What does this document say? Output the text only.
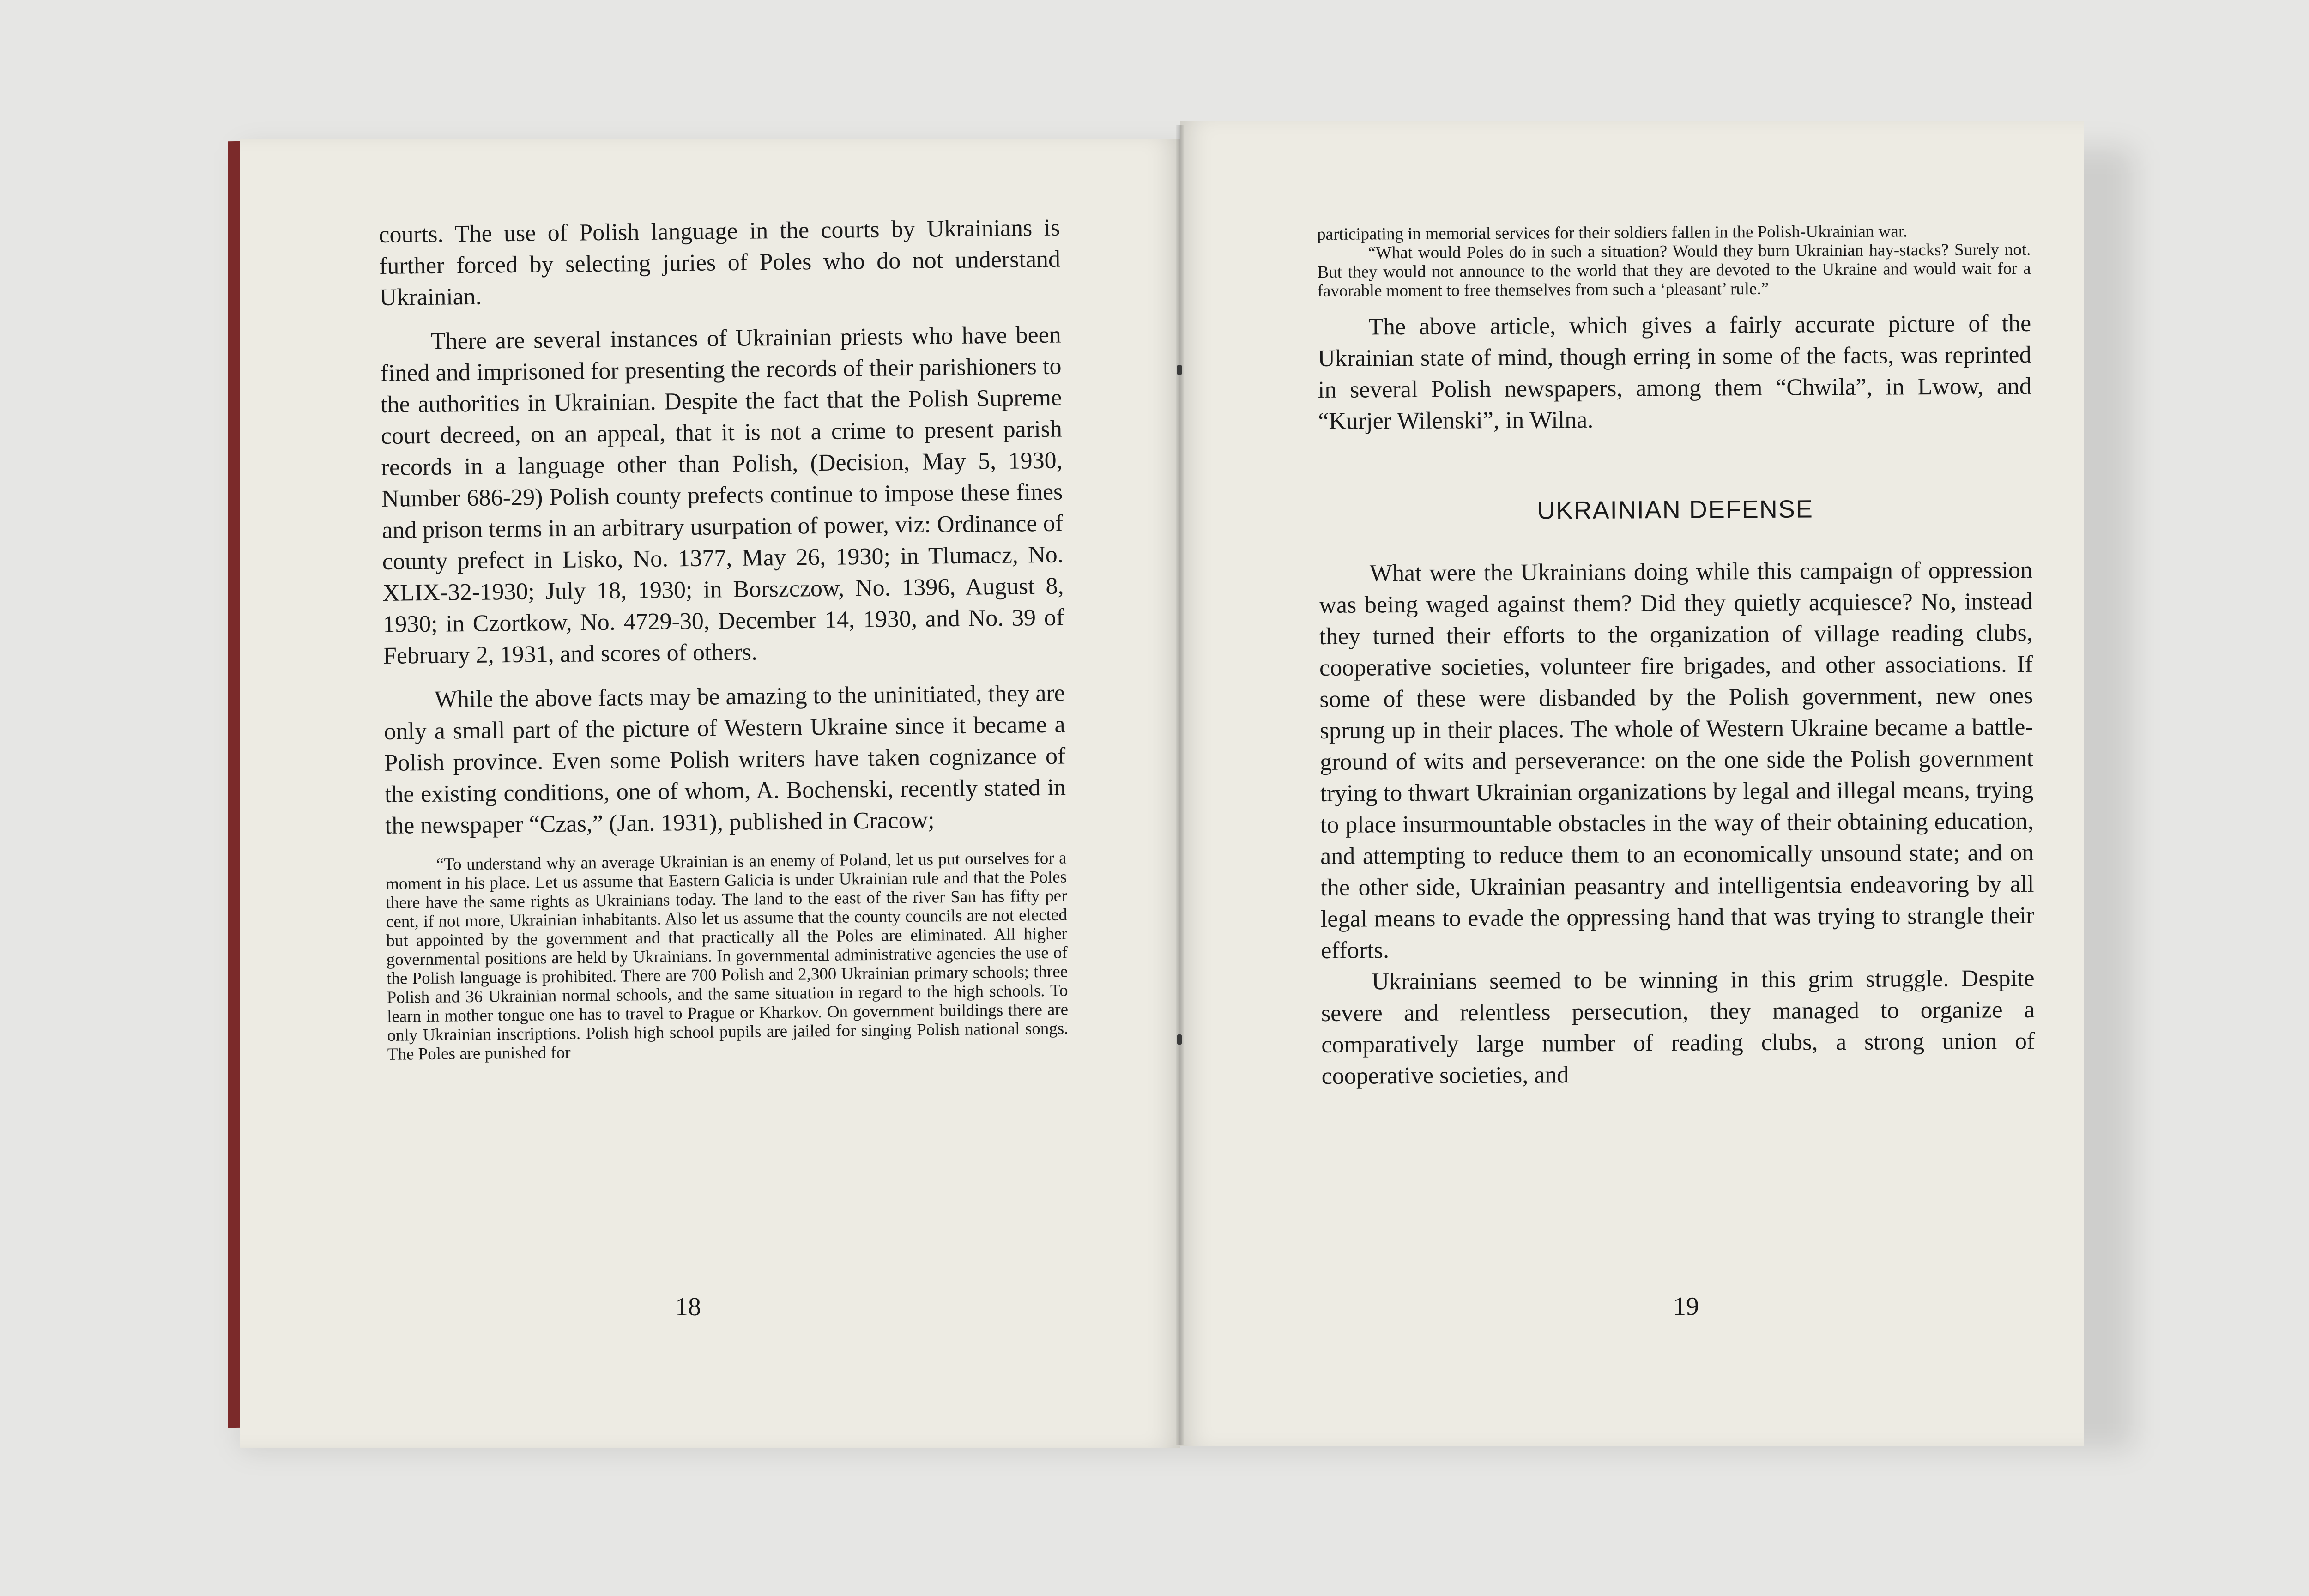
courts. The use of Polish language in the courts by Ukrainians is further forced by selecting juries of Poles who do not understand Ukrainian.

There are several instances of Ukrainian priests who have been fined and imprisoned for presenting the records of their parishioners to the authorities in Ukrainian. Despite the fact that the Polish Supreme court decreed, on an appeal, that it is not a crime to present parish records in a language other than Polish, (Decision, May 5, 1930, Number 686-29) Polish county prefects continue to impose these fines and prison terms in an arbitrary usurpation of power, viz: Ordinance of county prefect in Lisko, No. 1377, May 26, 1930; in Tlumacz, No. XLIX-32-1930; July 18, 1930; in Borszczow, No. 1396, August 8, 1930; in Czortkow, No. 4729-30, December 14, 1930, and No. 39 of February 2, 1931, and scores of others.

While the above facts may be amazing to the uninitiated, they are only a small part of the picture of Western Ukraine since it became a Polish province. Even some Polish writers have taken cognizance of the existing conditions, one of whom, A. Bochenski, recently stated in the newspaper “Czas,” (Jan. 1931), published in Cracow;

“To understand why an average Ukrainian is an enemy of Poland, let us put ourselves for a moment in his place. Let us assume that Eastern Galicia is under Ukrainian rule and that the Poles there have the same rights as Ukrainians today. The land to the east of the river San has fifty per cent, if not more, Ukrainian inhabitants. Also let us assume that the county councils are not elected but appointed by the government and that practically all the Poles are eliminated. All higher governmental positions are held by Ukrainians. In governmental administrative agencies the use of the Polish language is prohibited. There are 700 Polish and 2,300 Ukrainian primary schools; three Polish and 36 Ukrainian normal schools, and the same situation in regard to the high schools. To learn in mother tongue one has to travel to Prague or Kharkov. On government buildings there are only Ukrainian inscriptions. Polish high school pupils are jailed for singing Polish national songs. The Poles are punished for

18

participating in memorial services for their soldiers fallen in the Polish-Ukrainian war.

“What would Poles do in such a situation? Would they burn Ukrainian hay-stacks? Surely not. But they would not announce to the world that they are devoted to the Ukraine and would wait for a favorable moment to free themselves from such a ‘pleasant’ rule.”

The above article, which gives a fairly accurate picture of the Ukrainian state of mind, though erring in some of the facts, was reprinted in several Polish newspapers, among them “Chwila”, in Lwow, and “Kurjer Wilenski”, in Wilna.

UKRAINIAN DEFENSE

What were the Ukrainians doing while this campaign of oppression was being waged against them? Did they quietly acquiesce? No, instead they turned their efforts to the organization of village reading clubs, cooperative societies, volunteer fire brigades, and other associations. If some of these were disbanded by the Polish government, new ones sprung up in their places. The whole of Western Ukraine became a battle-ground of wits and perseverance: on the one side the Polish government trying to thwart Ukrainian organizations by legal and illegal means, trying to place insurmountable obstacles in the way of their obtaining education, and attempting to reduce them to an economically unsound state; and on the other side, Ukrainian peasantry and intelligentsia endeavoring by all legal means to evade the oppressing hand that was trying to strangle their efforts.

Ukrainians seemed to be winning in this grim struggle. Despite severe and relentless persecution, they managed to organize a comparatively large number of reading clubs, a strong union of cooperative societies, and

19
